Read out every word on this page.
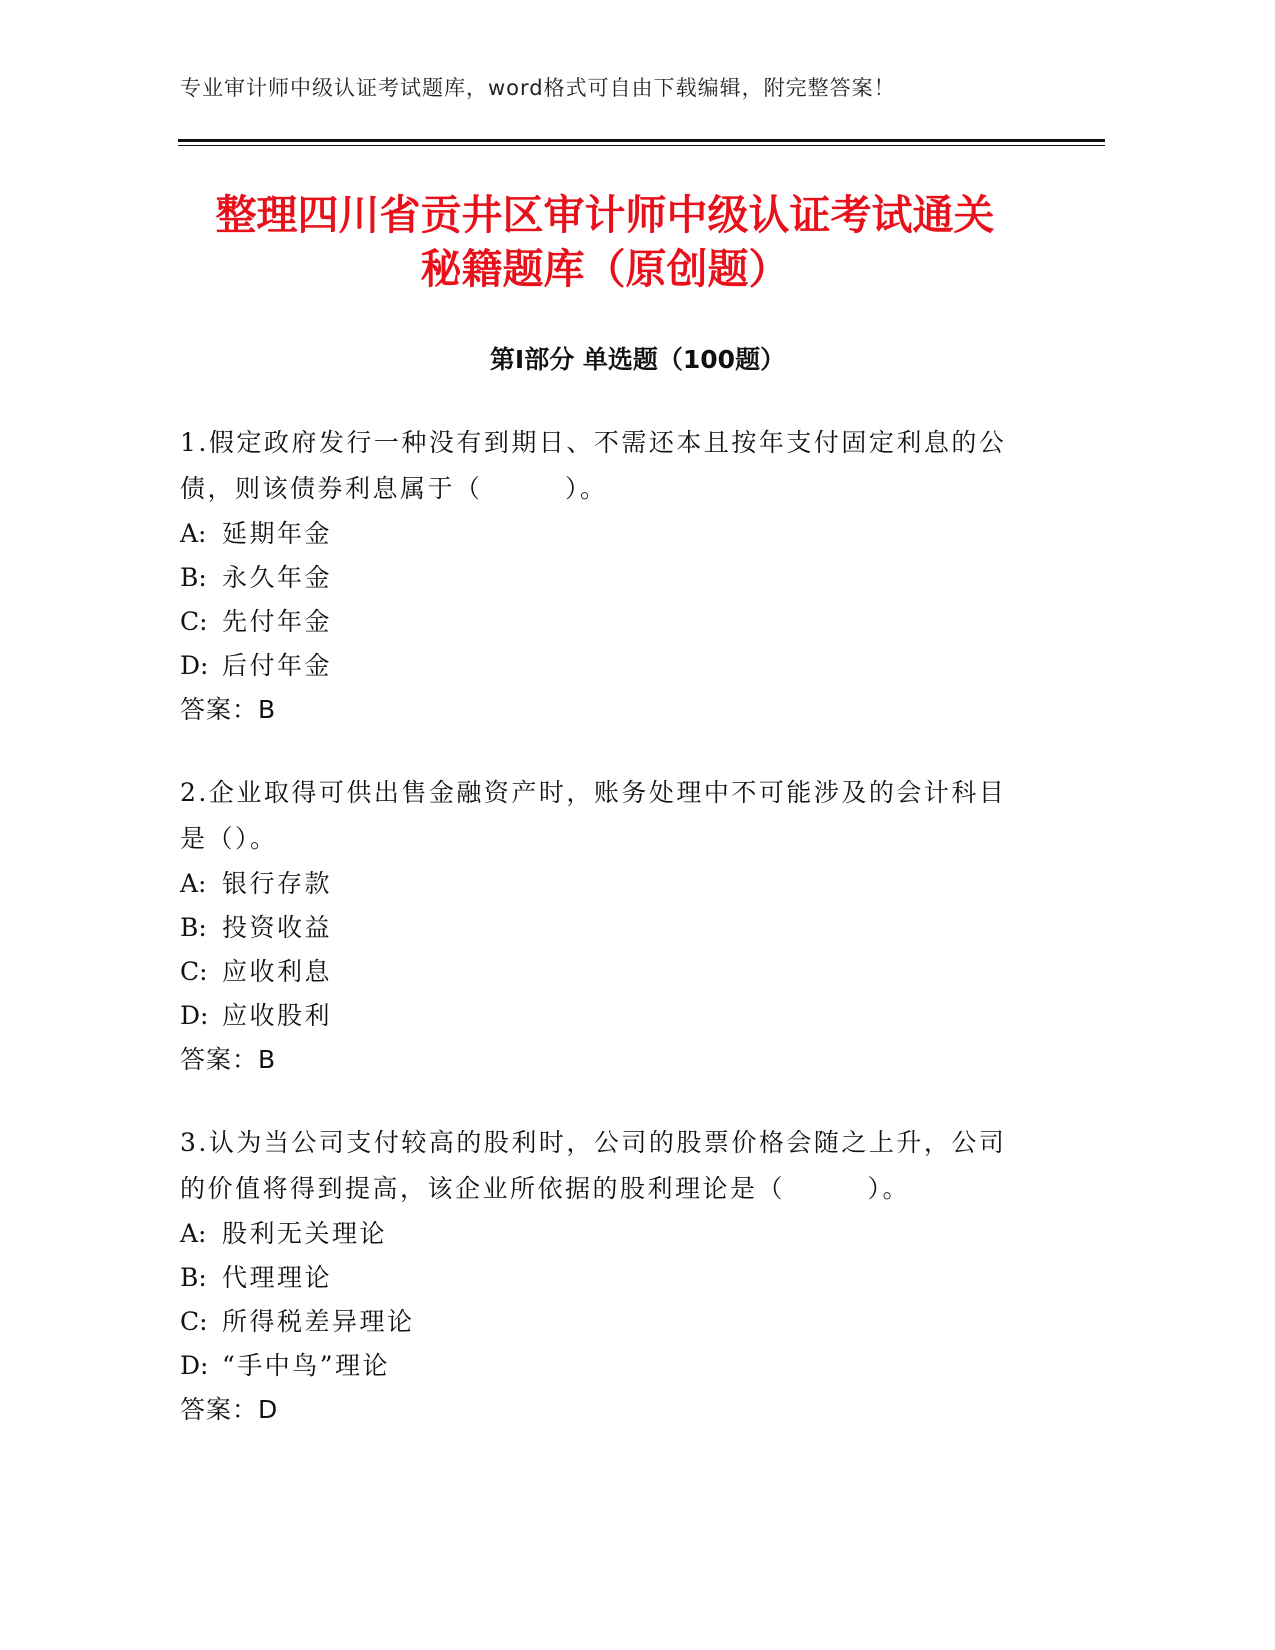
专业审计师中级认证考试题库，word格式可自由下载编辑，附完整答案！
整理四川省贡井区审计师中级认证考试通关
秘籍题库（原创题）
第Ⅰ部分 单选题（100题）

1.假定政府发行一种没有到期日、不需还本且按年支付固定利息的公债，则该债券利息属于（　　　）。

A: 延期年金
B: 永久年金
C: 先付年金
D: 后付年金
答案：B

2.企业取得可供出售金融资产时，账务处理中不可能涉及的会计科目是（）。

A: 银行存款
B: 投资收益
C: 应收利息
D: 应收股利
答案：B

3.认为当公司支付较高的股利时，公司的股票价格会随之上升，公司的价值将得到提高，该企业所依据的股利理论是（　　　）。

A: 股利无关理论
B: 代理理论
C: 所得税差异理论
D: “手中鸟”理论
答案：D
